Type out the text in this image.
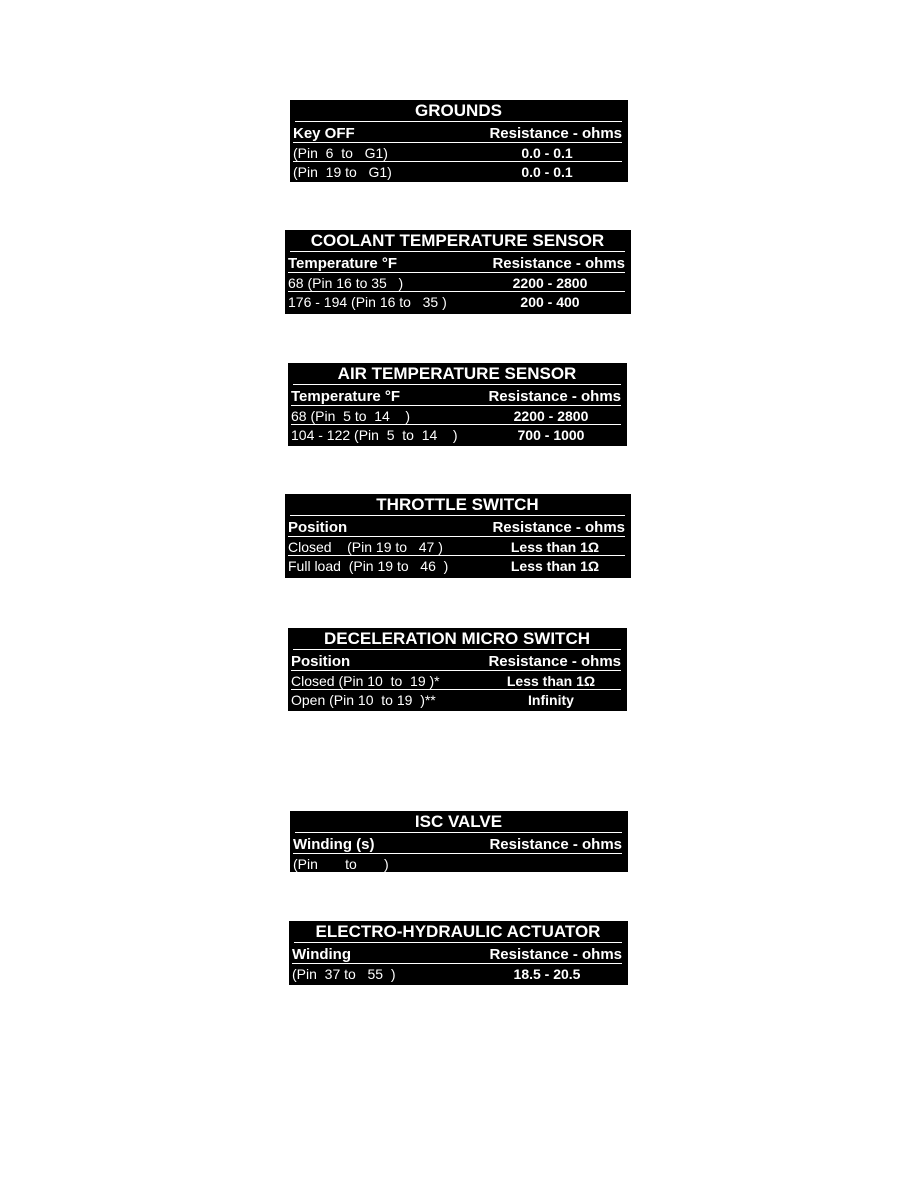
GROUNDS
Key OFF	Resistance - ohms
(Pin  6  to   G1)	0.0 - 0.1
(Pin  19 to   G1)	0.0 - 0.1
COOLANT TEMPERATURE SENSOR
Temperature °F	Resistance - ohms
68 (Pin 16 to 35   )	2200 - 2800
176 - 194 (Pin 16 to   35 )	200 - 400
AIR TEMPERATURE SENSOR
Temperature °F	Resistance - ohms
68 (Pin  5 to  14    )	2200 - 2800
104 - 122 (Pin  5  to  14    )	700 - 1000
THROTTLE SWITCH
Position	Resistance - ohms
Closed    (Pin 19 to   47 )	Less than 1Ω
Full load  (Pin 19 to   46  )	Less than 1Ω
DECELERATION MICRO SWITCH
Position	Resistance - ohms
Closed (Pin 10  to  19 )*	Less than 1Ω
Open (Pin 10  to 19  )**	Infinity
ISC VALVE
Winding (s)	Resistance - ohms
(Pin       to       )
ELECTRO-HYDRAULIC ACTUATOR
Winding	Resistance - ohms
(Pin  37 to   55  )	18.5 - 20.5
